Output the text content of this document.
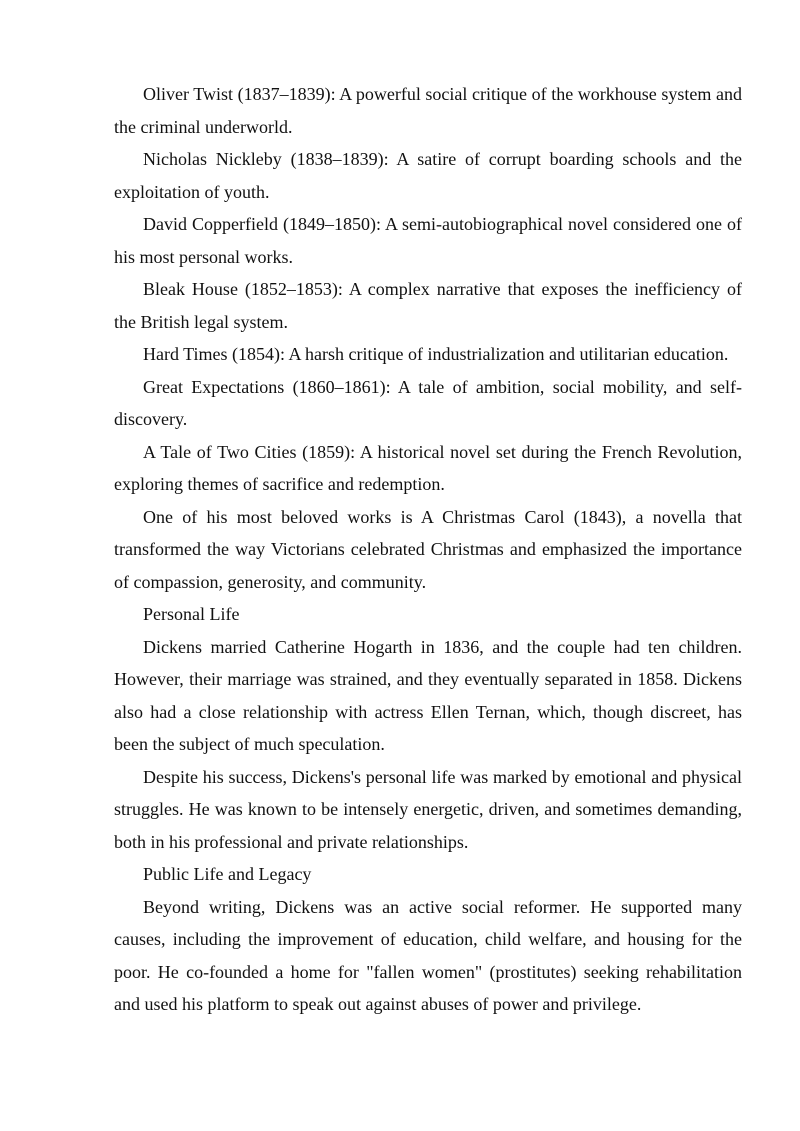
Oliver Twist (1837–1839): A powerful social critique of the workhouse system and the criminal underworld.

Nicholas Nickleby (1838–1839): A satire of corrupt boarding schools and the exploitation of youth.

David Copperfield (1849–1850): A semi-autobiographical novel considered one of his most personal works.

Bleak House (1852–1853): A complex narrative that exposes the inefficiency of the British legal system.

Hard Times (1854): A harsh critique of industrialization and utilitarian education.

Great Expectations (1860–1861): A tale of ambition, social mobility, and self-discovery.

A Tale of Two Cities (1859): A historical novel set during the French Revolution, exploring themes of sacrifice and redemption.

One of his most beloved works is A Christmas Carol (1843), a novella that transformed the way Victorians celebrated Christmas and emphasized the importance of compassion, generosity, and community.

Personal Life

Dickens married Catherine Hogarth in 1836, and the couple had ten children. However, their marriage was strained, and they eventually separated in 1858. Dickens also had a close relationship with actress Ellen Ternan, which, though discreet, has been the subject of much speculation.

Despite his success, Dickens's personal life was marked by emotional and physical struggles. He was known to be intensely energetic, driven, and sometimes demanding, both in his professional and private relationships.

Public Life and Legacy

Beyond writing, Dickens was an active social reformer. He supported many causes, including the improvement of education, child welfare, and housing for the poor. He co-founded a home for "fallen women" (prostitutes) seeking rehabilitation and used his platform to speak out against abuses of power and privilege.
